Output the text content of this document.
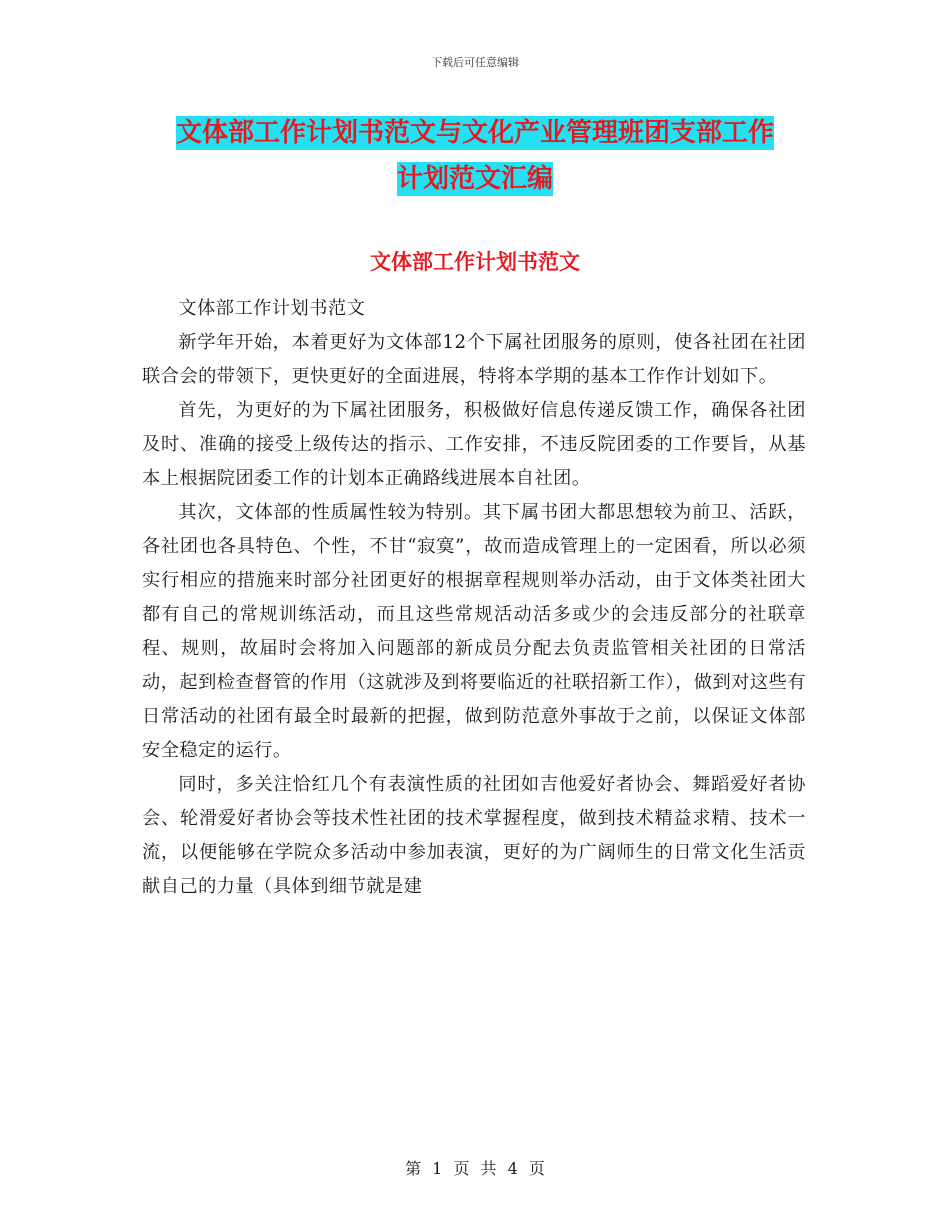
下载后可任意编辑
文体部工作计划书范文与文化产业管理班团支部工作
计划范文汇编
文体部工作计划书范文

文体部工作计划书范文

新学年开始，本着更好为文体部12个下属社团服务的原则，使各社团在社团联合会的带领下，更快更好的全面进展，特将本学期的基本工作作计划如下。

首先，为更好的为下属社团服务，积极做好信息传递反馈工作，确保各社团及时、准确的接受上级传达的指示、工作安排，不违反院团委的工作要旨，从基本上根据院团委工作的计划本正确路线进展本自社团。

其次，文体部的性质属性较为特别。其下属书团大都思想较为前卫、活跃，各社团也各具特色、个性，不甘“寂寞”，故而造成管理上的一定困看，所以必须实行相应的措施来时部分社团更好的根据章程规则举办活动，由于文体类社团大都有自己的常规训练活动，而且这些常规活动活多或少的会违反部分的社联章程、规则，故届时会将加入问题部的新成员分配去负责监管相关社团的日常活动，起到检查督管的作用（这就涉及到将要临近的社联招新工作），做到对这些有日常活动的社团有最全时最新的把握，做到防范意外事故于之前，以保证文体部安全稳定的运行。

同时，多关注恰红几个有表演性质的社团如吉他爱好者协会、舞蹈爱好者协会、轮滑爱好者协会等技术性社团的技术掌握程度，做到技术精益求精、技术一流，以便能够在学院众多活动中参加表演，更好的为广阔师生的日常文化生活贡献自己的力量（具体到细节就是建

第 1 页 共 4 页
